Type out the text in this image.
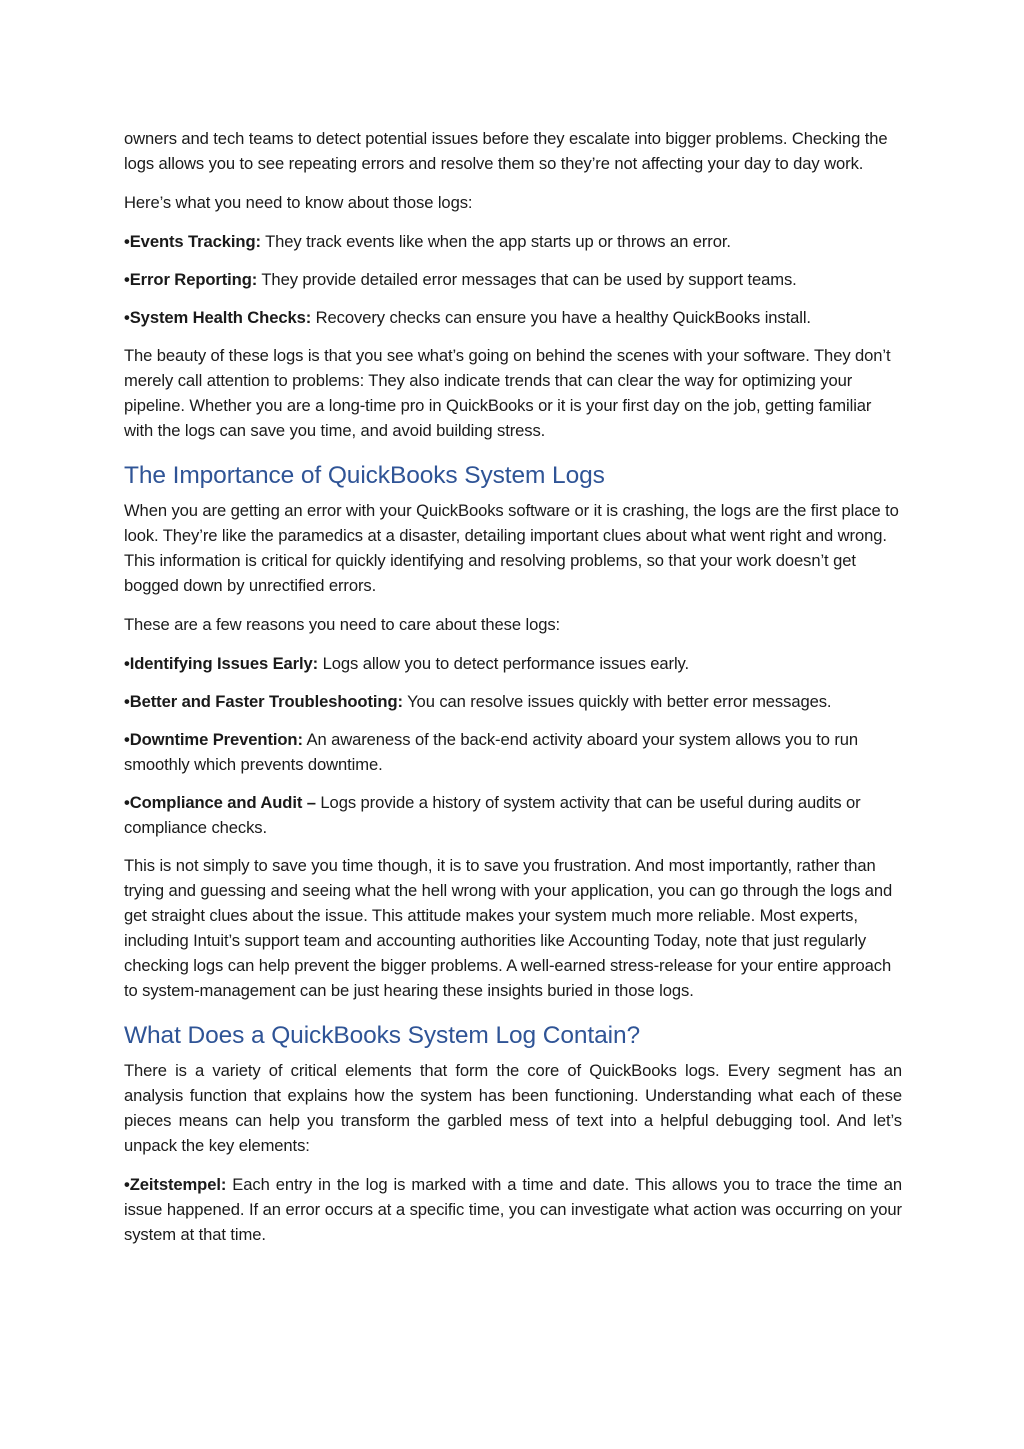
owners and tech teams to detect potential issues before they escalate into bigger problems. Checking the logs allows you to see repeating errors and resolve them so they’re not affecting your day to day work.

Here’s what you need to know about those logs:

•Events Tracking: They track events like when the app starts up or throws an error.

•Error Reporting: They provide detailed error messages that can be used by support teams.

•System Health Checks: Recovery checks can ensure you have a healthy QuickBooks install.

The beauty of these logs is that you see what’s going on behind the scenes with your software. They don’t merely call attention to problems: They also indicate trends that can clear the way for optimizing your pipeline. Whether you are a long-time pro in QuickBooks or it is your first day on the job, getting familiar with the logs can save you time, and avoid building stress.

The Importance of QuickBooks System Logs

When you are getting an error with your QuickBooks software or it is crashing, the logs are the first place to look. They’re like the paramedics at a disaster, detailing important clues about what went right and wrong. This information is critical for quickly identifying and resolving problems, so that your work doesn’t get bogged down by unrectified errors.

These are a few reasons you need to care about these logs:

•Identifying Issues Early: Logs allow you to detect performance issues early.

•Better and Faster Troubleshooting: You can resolve issues quickly with better error messages.

•Downtime Prevention: An awareness of the back-end activity aboard your system allows you to run smoothly which prevents downtime.

•Compliance and Audit – Logs provide a history of system activity that can be useful during audits or compliance checks.

This is not simply to save you time though, it is to save you frustration. And most importantly, rather than trying and guessing and seeing what the hell wrong with your application, you can go through the logs and get straight clues about the issue. This attitude makes your system much more reliable. Most experts, including Intuit’s support team and accounting authorities like Accounting Today, note that just regularly checking logs can help prevent the bigger problems. A well-earned stress-release for your entire approach to system-management can be just hearing these insights buried in those logs.

What Does a QuickBooks System Log Contain?

There is a variety of critical elements that form the core of QuickBooks logs. Every segment has an analysis function that explains how the system has been functioning. Understanding what each of these pieces means can help you transform the garbled mess of text into a helpful debugging tool. And let’s unpack the key elements:

•Zeitstempel: Each entry in the log is marked with a time and date. This allows you to trace the time an issue happened. If an error occurs at a specific time, you can investigate what action was occurring on your system at that time.
